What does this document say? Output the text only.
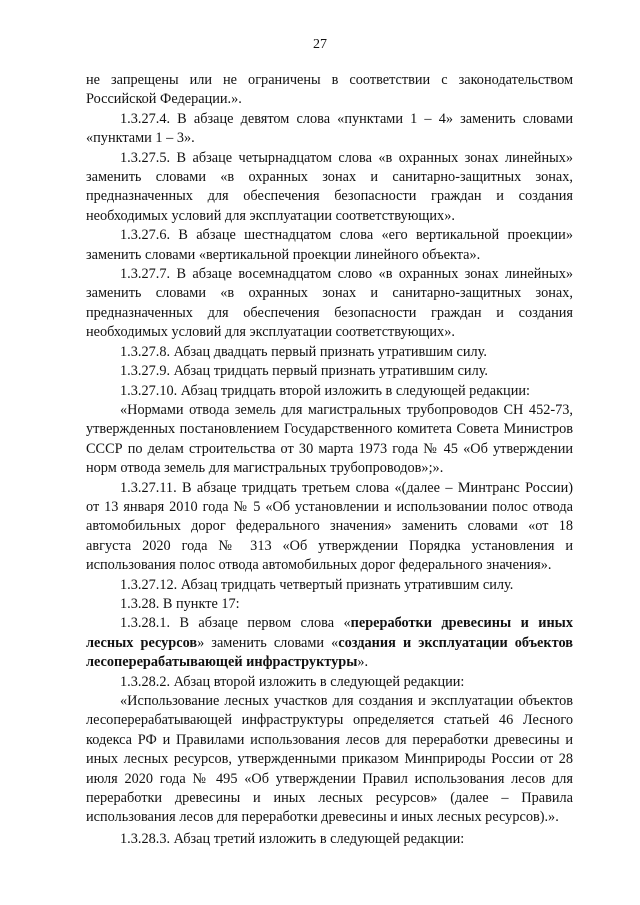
27

не запрещены или не ограничены в соответствии с законодательством Российской Федерации.».

1.3.27.4. В абзаце девятом слова «пунктами 1 – 4» заменить словами «пунктами 1 – 3».

1.3.27.5. В абзаце четырнадцатом слова «в охранных зонах линейных» заменить словами «в охранных зонах и санитарно-защитных зонах, предназначенных для обеспечения безопасности граждан и создания необходимых условий для эксплуатации соответствующих».

1.3.27.6. В абзаце шестнадцатом слова «его вертикальной проекции» заменить словами «вертикальной проекции линейного объекта».

1.3.27.7. В абзаце восемнадцатом слово «в охранных зонах линейных» заменить словами «в охранных зонах и санитарно-защитных зонах, предназначенных для обеспечения безопасности граждан и создания необходимых условий для эксплуатации соответствующих».

1.3.27.8. Абзац двадцать первый признать утратившим силу.

1.3.27.9. Абзац тридцать первый признать утратившим силу.

1.3.27.10. Абзац тридцать второй изложить в следующей редакции:

«Нормами отвода земель для магистральных трубопроводов СН 452-73, утвержденных постановлением Государственного комитета Совета Министров СССР по делам строительства от 30 марта 1973 года № 45 «Об утверждении норм отвода земель для магистральных трубопроводов»;».

1.3.27.11. В абзаце тридцать третьем слова «(далее – Минтранс России) от 13 января 2010 года № 5 «Об установлении и использовании полос отвода автомобильных дорог федерального значения» заменить словами «от 18 августа 2020 года № 313 «Об утверждении Порядка установления и использования полос отвода автомобильных дорог федерального значения».

1.3.27.12. Абзац тридцать четвертый признать утратившим силу.

1.3.28. В пункте 17:

1.3.28.1. В абзаце первом слова «переработки древесины и иных лесных ресурсов» заменить словами «создания и эксплуатации объектов лесоперерабатывающей инфраструктуры».

1.3.28.2. Абзац второй изложить в следующей редакции:

«Использование лесных участков для создания и эксплуатации объектов лесоперерабатывающей инфраструктуры определяется статьей 46 Лесного кодекса РФ и Правилами использования лесов для переработки древесины и иных лесных ресурсов, утвержденными приказом Минприроды России от 28 июля 2020 года № 495 «Об утверждении Правил использования лесов для переработки древесины и иных лесных ресурсов» (далее – Правила использования лесов для переработки древесины и иных лесных ресурсов).».

1.3.28.3. Абзац третий изложить в следующей редакции:
